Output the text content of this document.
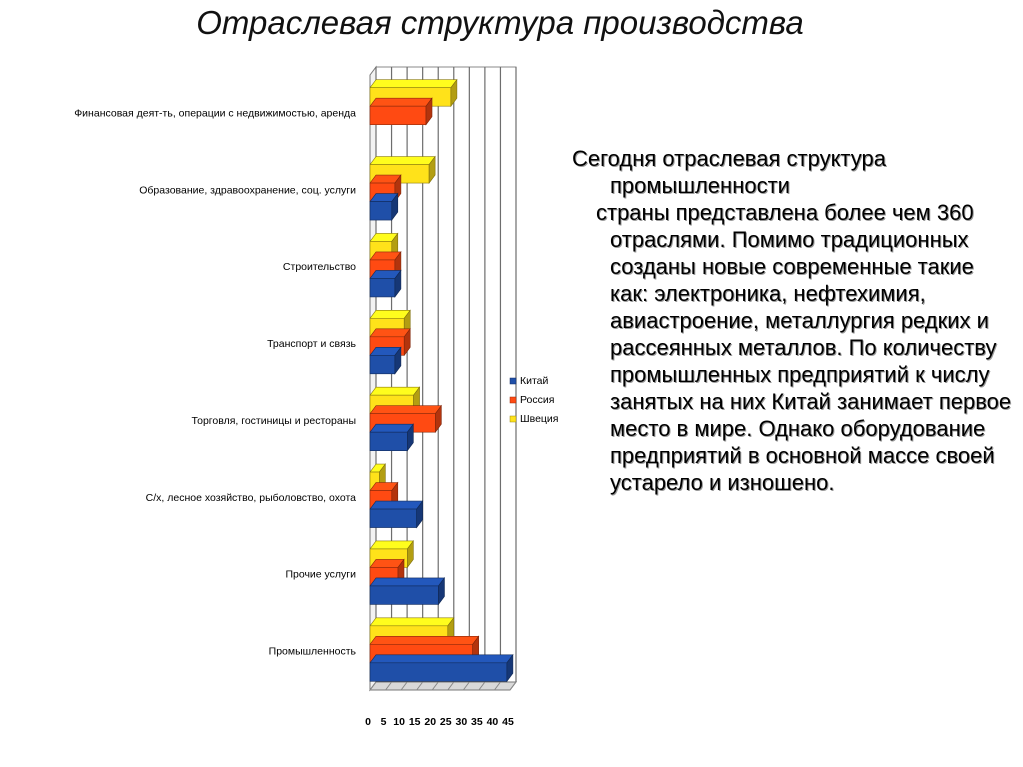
Отраслевая структура производства
Финансовая деят-ть, операции с недвижимостью, аренда
Образование, здравоохранение, соц. услуги
Строительство
Транспорт и связь
Торговля, гостиницы и рестораны
С/х, лесное хозяйство, рыболовство, охота
Прочие услуги
Промышленность
0 5 10 15 20 25 30 35 40 45
Китай
Россия
Швеция

Сегодня отраслевая структура промышленности

страны представлена более чем 360 отраслями. Помимо традиционных созданы новые современные такие как: электроника, нефтехимия, авиастроение, металлургия редких и рассеянных металлов. По количеству промышленных предприятий к числу занятых на них Китай занимает первое место в мире. Однако оборудование предприятий в основной массе своей устарело и изношено.
